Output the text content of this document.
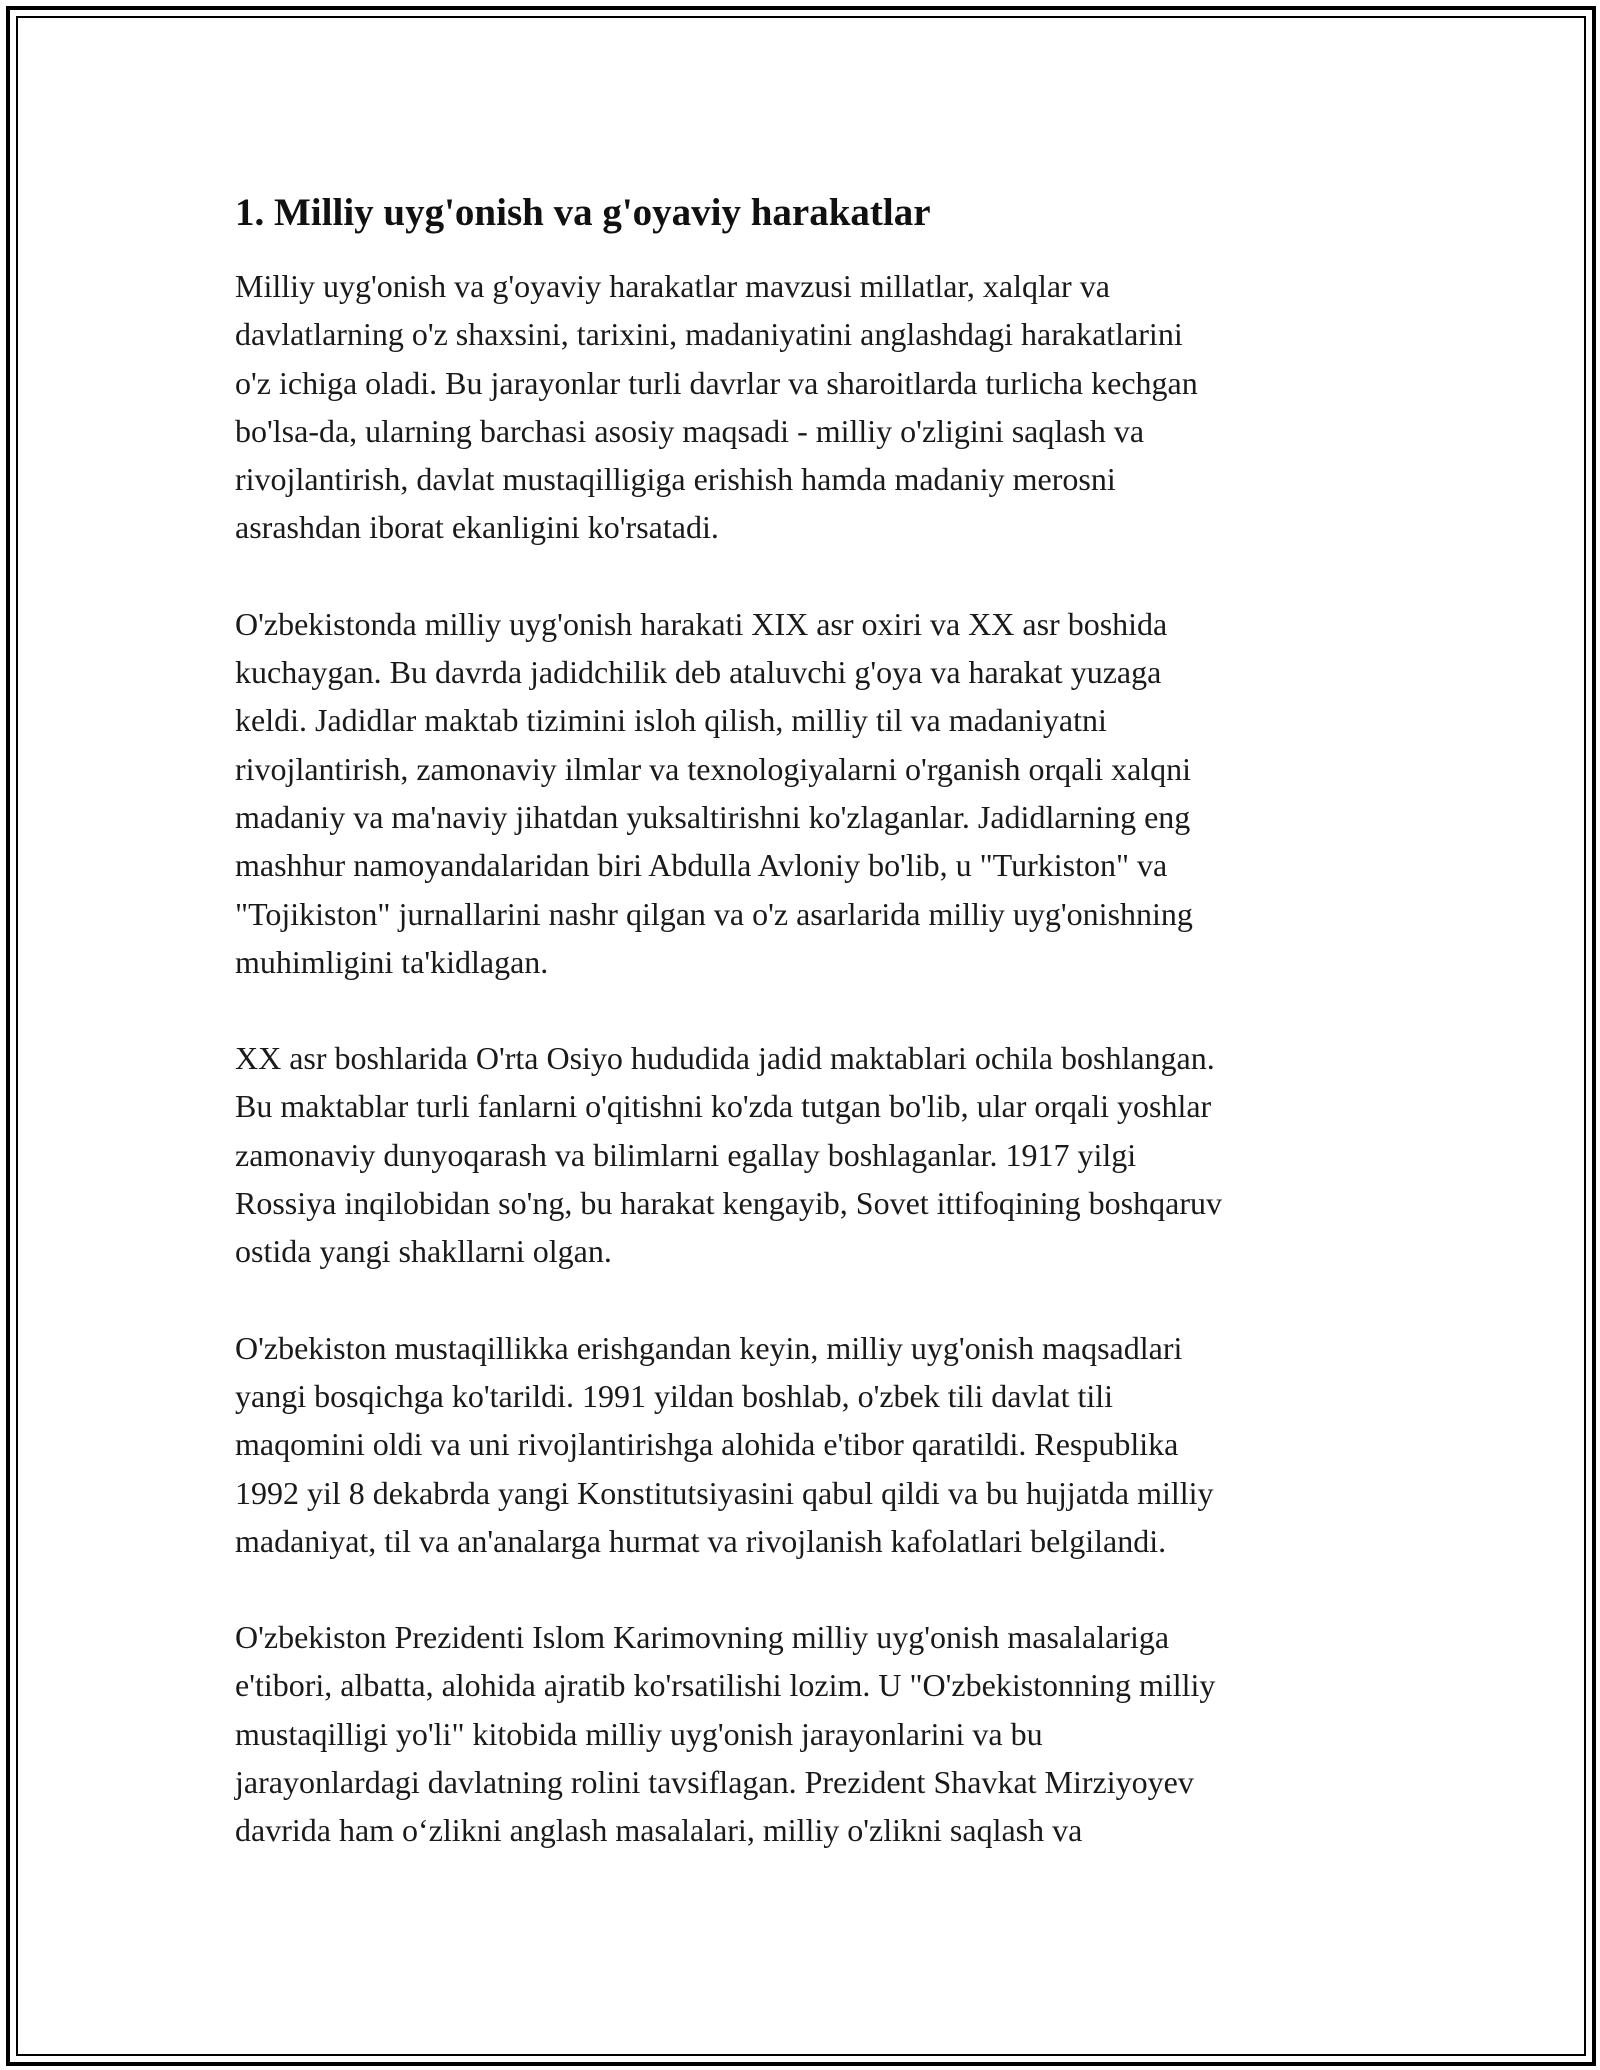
1. Milliy uyg'onish va g'oyaviy harakatlar

Milliy uyg'onish va g'oyaviy harakatlar mavzusi millatlar, xalqlar va
davlatlarning o'z shaxsini, tarixini, madaniyatini anglashdagi harakatlarini
o'z ichiga oladi. Bu jarayonlar turli davrlar va sharoitlarda turlicha kechgan
bo'lsa-da, ularning barchasi asosiy maqsadi - milliy o'zligini saqlash va
rivojlantirish, davlat mustaqilligiga erishish hamda madaniy merosni
asrashdan iborat ekanligini ko'rsatadi.

O'zbekistonda milliy uyg'onish harakati XIX asr oxiri va XX asr boshida
kuchaygan. Bu davrda jadidchilik deb ataluvchi g'oya va harakat yuzaga
keldi. Jadidlar maktab tizimini isloh qilish, milliy til va madaniyatni
rivojlantirish, zamonaviy ilmlar va texnologiyalarni o'rganish orqali xalqni
madaniy va ma'naviy jihatdan yuksaltirishni ko'zlaganlar. Jadidlarning eng
mashhur namoyandalaridan biri Abdulla Avloniy bo'lib, u "Turkiston" va
"Tojikiston" jurnallarini nashr qilgan va o'z asarlarida milliy uyg'onishning
muhimligini ta'kidlagan.

XX asr boshlarida O'rta Osiyo hududida jadid maktablari ochila boshlangan.
Bu maktablar turli fanlarni o'qitishni ko'zda tutgan bo'lib, ular orqali yoshlar
zamonaviy dunyoqarash va bilimlarni egallay boshlaganlar. 1917 yilgi
Rossiya inqilobidan so'ng, bu harakat kengayib, Sovet ittifoqining boshqaruv
ostida yangi shakllarni olgan.

O'zbekiston mustaqillikka erishgandan keyin, milliy uyg'onish maqsadlari
yangi bosqichga ko'tarildi. 1991 yildan boshlab, o'zbek tili davlat tili
maqomini oldi va uni rivojlantirishga alohida e'tibor qaratildi. Respublika
1992 yil 8 dekabrda yangi Konstitutsiyasini qabul qildi va bu hujjatda milliy
madaniyat, til va an'analarga hurmat va rivojlanish kafolatlari belgilandi.

O'zbekiston Prezidenti Islom Karimovning milliy uyg'onish masalalariga
e'tibori, albatta, alohida ajratib ko'rsatilishi lozim. U "O'zbekistonning milliy
mustaqilligi yo'li" kitobida milliy uyg'onish jarayonlarini va bu
jarayonlardagi davlatning rolini tavsiflagan. Prezident Shavkat Mirziyoyev
davrida ham o‘zlikni anglash masalalari, milliy o'zlikni saqlash va
